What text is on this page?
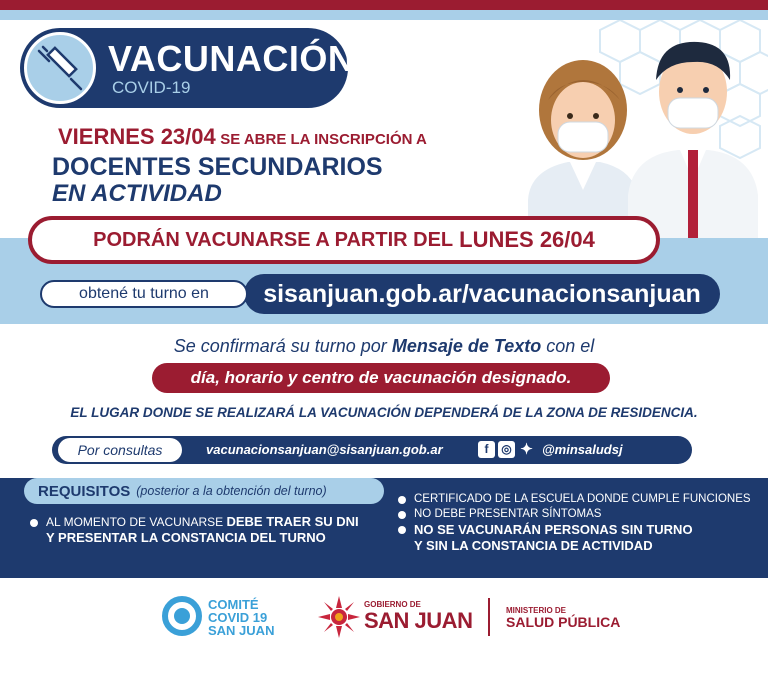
VACUNACIÓN
COVID-19
VIERNES 23/04 SE ABRE LA INSCRIPCIÓN A
DOCENTES SECUNDARIOS
EN ACTIVIDAD
PODRÁN VACUNARSE A PARTIR DEL LUNES 26/04
sisanjuan.gob.ar/vacunacionsanjuan
obtené tu turno en
Se confirmará su turno por Mensaje de Texto con el
día, horario y centro de vacunación designado.
EL LUGAR DONDE SE REALIZARÁ LA VACUNACIÓN DEPENDERÁ DE LA ZONA DE RESIDENCIA.
Por consultas	vacunacionsanjuan@sisanjuan.gob.ar	f	◎ ✦ @minsaludsj
REQUISITOS (posterior a la obtención del turno)
AL MOMENTO DE VACUNARSE DEBE TRAER SU DNI
Y PRESENTAR LA CONSTANCIA DEL TURNO
CERTIFICADO DE LA ESCUELA DONDE CUMPLE FUNCIONES
NO DEBE PRESENTAR SÍNTOMAS
NO SE VACUNARÁN PERSONAS SIN TURNO
Y SIN LA CONSTANCIA DE ACTIVIDAD
COMITÉ
COVID 19
SAN JUAN
GOBIERNO DE
SAN JUAN	MINISTERIO DE
SALUD PÚBLICA
